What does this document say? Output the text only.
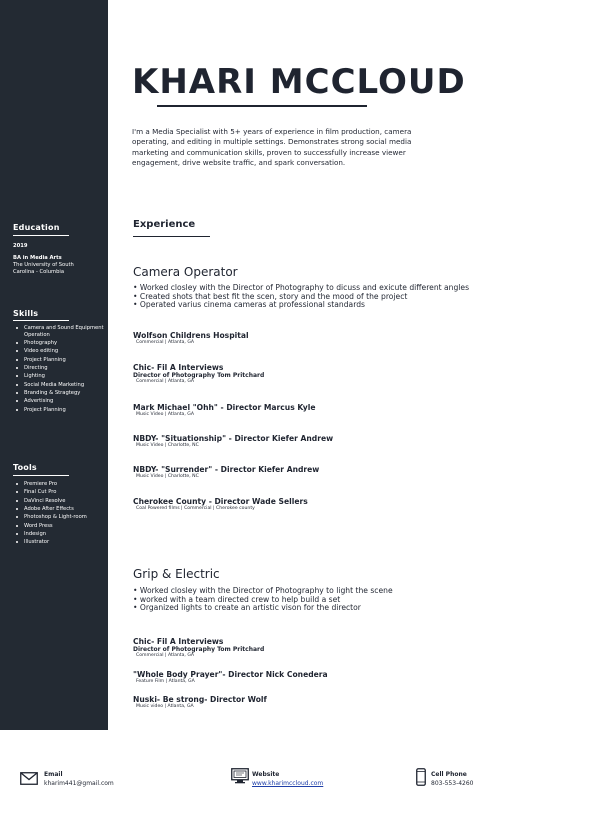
Education
2019
BA in Media Arts
The University of South Carolina - Columbia
Skills
Camera and Sound Equipment Operation
Photography
Video editing
Project Planning
Directing
Lighting
Social Media Marketing
Branding & Stragtegy
Advertising
Project Planning
Tools
Premiere Pro
Final Cut Pro
DaVinci Resolve
Adobe After Effects
Photoshop & Light-room
Word Press
Indesign
Illustrator
KHARI MCCLOUD
I'm a Media Specialist with 5+ years of experience in film production, camera operating, and editing in multiple settings. Demonstrates strong social media marketing and communication skills, proven to successfully increase viewer engagement, drive website traffic, and spark conversation.
Experience
Camera Operator
• Worked closley with the Director of Photography to dicuss and exicute different angles
• Created shots that best fit the scen, story and the mood of the project
• Operated varius cinema cameras at professional standards
Wolfson Childrens Hospital
Commercial | Atlanta, GA
Chic- Fil A Interviews
Director of Photography Tom Pritchard
Commercial | Atlanta, GA
Mark Michael "Ohh" - Director Marcus Kyle
Music Video | Atlanta, GA
NBDY- "Situationship" - Director Kiefer Andrew
Music Video | Charlotte, NC
NBDY- "Surrender" - Director Kiefer Andrew
Music Video | Charlotte, NC
Cherokee County - Director Wade Sellers
Coal Powered films | Commercial | Cherokee county
Grip & Electric
• Worked closley with the Director of Photography to light the scene
• worked with a team directed crew to help build a set
• Organized lights to create an artistic vison for the director
Chic- Fil A Interviews
Director of Photography Tom Pritchard
Commercial | Atlanta, GA
"Whole Body Prayer"- Director Nick Conedera
Feature Film | Atlanta, GA
Nuski- Be strong- Director Wolf
Music video | Atlanta, GA
Email
kharim441@gmail.com
Website
www.kharimccloud.com
Cell Phone
803-553-4260
